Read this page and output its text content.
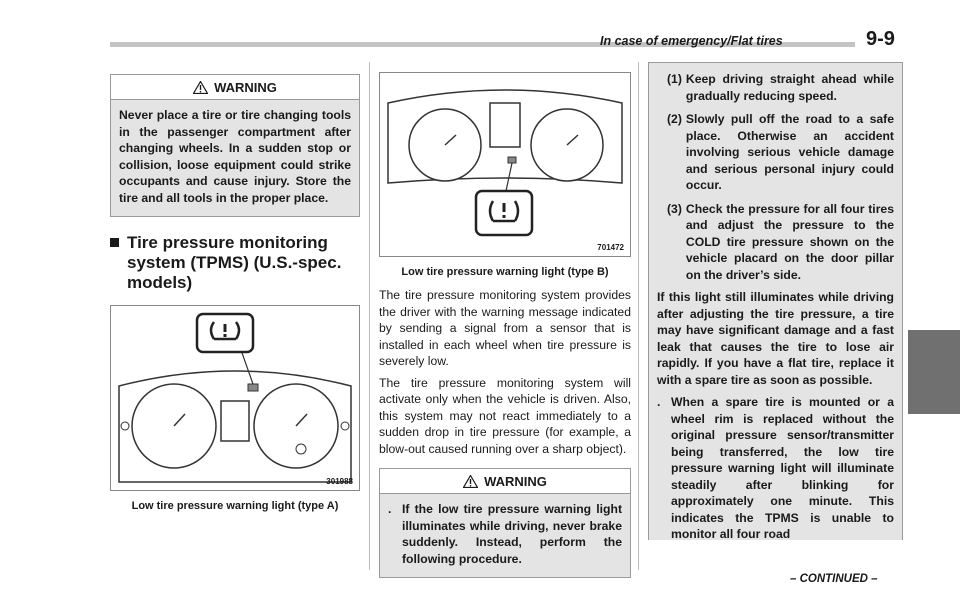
In case of emergency/Flat tires	9-9
WARNING
Never place a tire or tire changing tools in the passenger compartment after changing wheels. In a sudden stop or collision, loose equipment could strike occupants and cause injury. Store the tire and all tools in the proper place.
Tire pressure monitoring system (TPMS) (U.S.-spec. models)
301988
Low tire pressure warning light (type A)
701472
Low tire pressure warning light (type B)
The tire pressure monitoring system provides the driver with the warning message indicated by sending a signal from a sensor that is installed in each wheel when tire pressure is severely low.
The tire pressure monitoring system will activate only when the vehicle is driven. Also, this system may not react immediately to a sudden drop in tire pressure (for example, a blow-out caused running over a sharp object).
WARNING
. If the low tire pressure warning light illuminates while driving, never brake suddenly. Instead, perform the following procedure.
(1) Keep driving straight ahead while gradually reducing speed.
(2) Slowly pull off the road to a safe place. Otherwise an accident involving serious vehicle damage and serious personal injury could occur.
(3) Check the pressure for all four tires and adjust the pressure to the COLD tire pressure shown on the vehicle placard on the door pillar on the driver’s side.
If this light still illuminates while driving after adjusting the tire pressure, a tire may have significant damage and a fast leak that causes the tire to lose air rapidly. If you have a flat tire, replace it with a spare tire as soon as possible.
. When a spare tire is mounted or a wheel rim is replaced without the original pressure sensor/transmitter being transferred, the low tire pressure warning light will illuminate steadily after blinking for approximately one minute. This indicates the TPMS is unable to monitor all four road
– CONTINUED –
